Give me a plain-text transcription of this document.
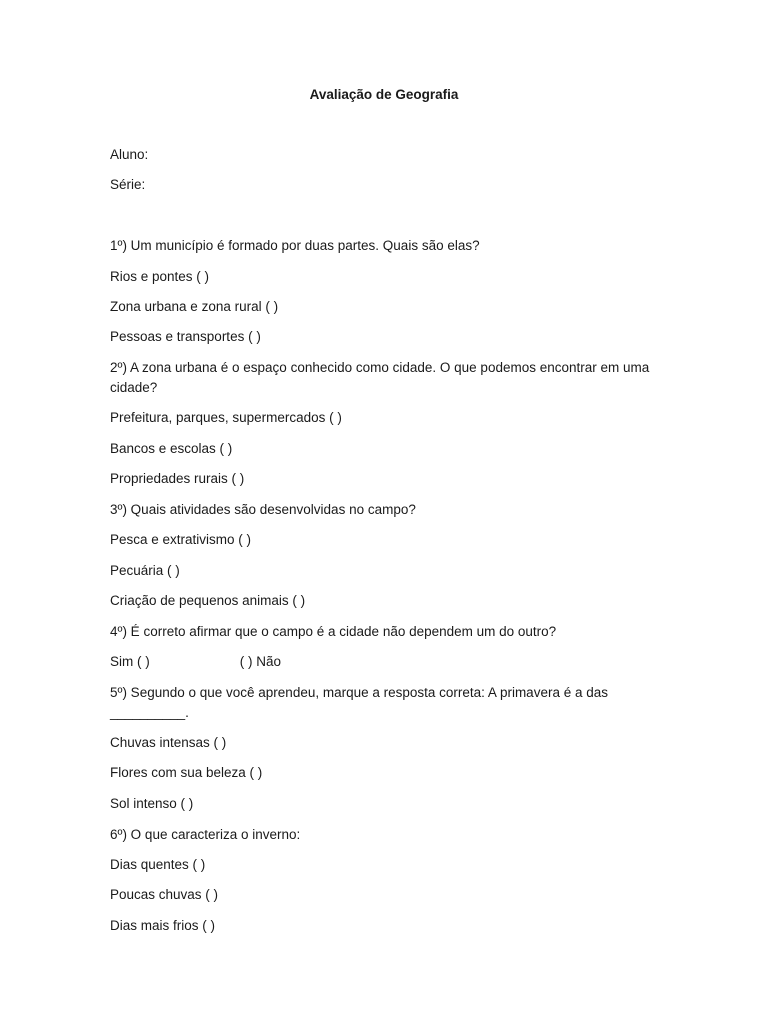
Avaliação de Geografia
Aluno:
Série:
1º) Um município é formado por duas partes. Quais são elas?
Rios e pontes ( )
Zona urbana e zona rural ( )
Pessoas e transportes ( )
2º) A zona urbana é o espaço conhecido como cidade. O que podemos encontrar em uma cidade?
Prefeitura, parques, supermercados ( )
Bancos e escolas ( )
Propriedades rurais ( )
3º) Quais atividades são desenvolvidas no campo?
Pesca e extrativismo ( )
Pecuária ( )
Criação de pequenos animais ( )
4º) É correto afirmar que o campo é a cidade não dependem um do outro?
Sim ( )	( ) Não
5º) Segundo o que você aprendeu, marque a resposta correta: A primavera é a das __________.
Chuvas intensas ( )
Flores com sua beleza ( )
Sol intenso ( )
6º) O que caracteriza o inverno:
Dias quentes ( )
Poucas chuvas ( )
Dias mais frios ( )
